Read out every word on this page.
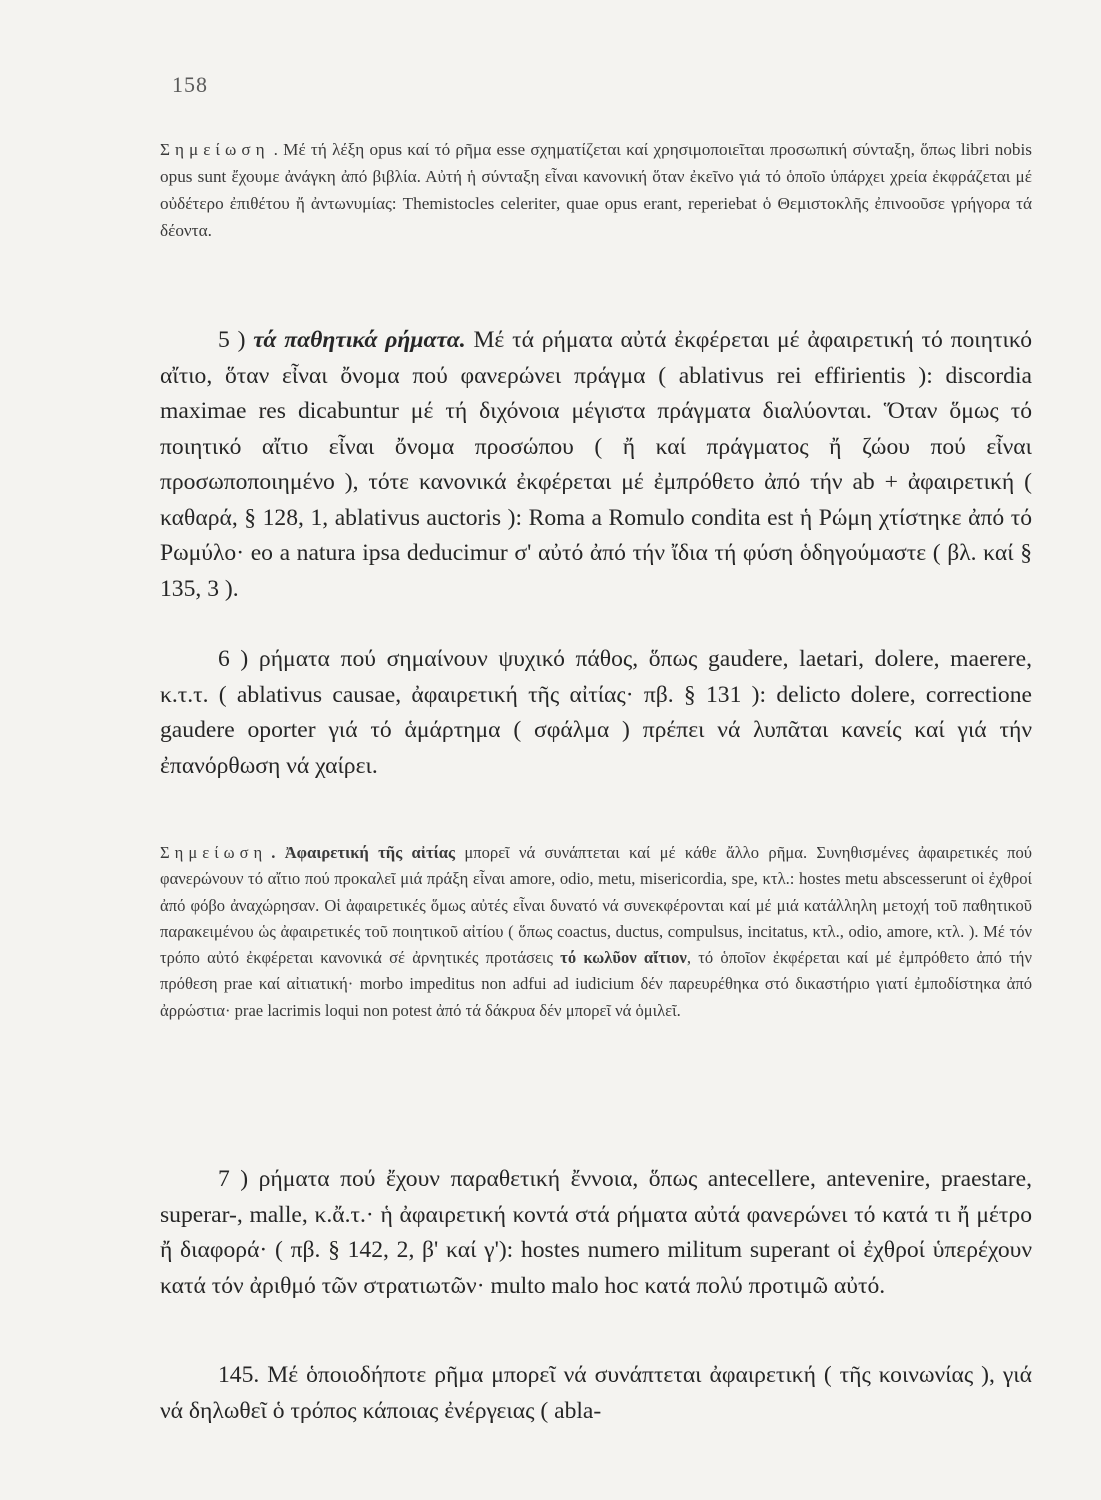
158
Σημείωση . Μέ τή λέξη opus καί τό ρῆμα esse σχηματίζεται καί χρησιμοποιεῖται προσωπική σύνταξη, ὅπως libri nobis opus sunt ἔχουμε ἀνάγκη ἀπό βιβλία. Αὐτή ἡ σύνταξη εἶναι κανονική ὅταν ἐκεῖνο γιά τό ὁποῖο ὑπάρχει χρεία ἐκφράζεται μέ οὐδέτερο ἐπιθέτου ἤ ἀντωνυμίας: Themistocles celeriter, quae opus erant, reperiebat ὁ Θεμιστοκλῆς ἐπινοοῦσε γρήγορα τά δέοντα.
5 ) τά παθητικά ρήματα. Μέ τά ρήματα αὐτά ἐκφέρεται μέ ἀφαιρετική τό ποιητικό αἴτιο, ὅταν εἶναι ὄνομα πού φανερώνει πράγμα ( ablativus rei effirientis ): discordia maximae res dicabuntur μέ τή διχόνοια μέγιστα πράγματα διαλύονται. Ὅταν ὅμως τό ποιητικό αἴτιο εἶναι ὄνομα προσώπου ( ἤ καί πράγματος ἤ ζώου πού εἶναι προσωποποιημένο ), τότε κανονικά ἐκφέρεται μέ ἐμπρόθετο ἀπό τήν ab + ἀφαιρετική ( καθαρά, § 128, 1, ablativus auctoris ): Roma a Romulo condita est ἡ Ρώμη χτίστηκε ἀπό τό Ρωμύλο· eo a natura ipsa deducimur σ' αὐτό ἀπό τήν ἴδια τή φύση ὁδηγούμαστε ( βλ. καί § 135, 3 ).
6 ) ρήματα πού σημαίνουν ψυχικό πάθος, ὅπως gaudere, laetari, dolere, maerere, κ.τ.τ. ( ablativus causae, ἀφαιρετική τῆς αἰτίας· πβ. § 131 ): delicto dolere, correctione gaudere oporter γιά τό ἁμάρτημα ( σφάλμα ) πρέπει νά λυπᾶται κανείς καί γιά τήν ἐπανόρθωση νά χαίρει.
Σημείωση . Ἀφαιρετική τῆς αἰτίας μπορεῖ νά συνάπτεται καί μέ κάθε ἄλλο ρῆμα. Συνηθισμένες ἀφαιρετικές πού φανερώνουν τό αἴτιο πού προκαλεῖ μιά πράξη εἶναι amore, odio, metu, misericordia, spe, κτλ.: hostes metu abscesserunt οἱ ἐχθροί ἀπό φόβο ἀναχώρησαν. Οἱ ἀφαιρετικές ὅμως αὐτές εἶναι δυνατό νά συνεκφέρονται καί μέ μιά κατάλληλη μετοχή τοῦ παθητικοῦ παρακειμένου ὡς ἀφαιρετικές τοῦ ποιητικοῦ αἰτίου ( ὅπως coactus, ductus, compulsus, incitatus, κτλ., odio, amore, κτλ. ). Μέ τόν τρόπο αὐτό ἐκφέρεται κανονικά σέ ἀρνητικές προτάσεις τό κωλῦον αἴτιον, τό ὁποῖον ἐκφέρεται καί μέ ἐμπρόθετο ἀπό τήν πρόθεση prae καί αἰτιατική· morbo impeditus non adfui ad iudicium δέν παρευρέθηκα στό δικαστήριο γιατί ἐμποδίστηκα ἀπό ἀρρώστια· prae lacrimis loqui non potest ἀπό τά δάκρυα δέν μπορεῖ νά ὁμιλεῖ.
7 ) ρήματα πού ἔχουν παραθετική ἔννοια, ὅπως antecellere, antevenire, praestare, superar-, malle, κ.ἄ.τ.· ἡ ἀφαιρετική κοντά στά ρήματα αὐτά φανερώνει τό κατά τι ἤ μέτρο ἤ διαφορά· ( πβ. § 142, 2, β' καί γ'): hostes numero militum superant οἱ ἐχθροί ὑπερέχουν κατά τόν ἀριθμό τῶν στρατιωτῶν· multo malo hoc κατά πολύ προτιμῶ αὐτό.
145. Μέ ὁποιοδήποτε ρῆμα μπορεῖ νά συνάπτεται ἀφαιρετική ( τῆς κοινωνίας ), γιά νά δηλωθεῖ ὁ τρόπος κάποιας ἐνέργειας ( abla-
